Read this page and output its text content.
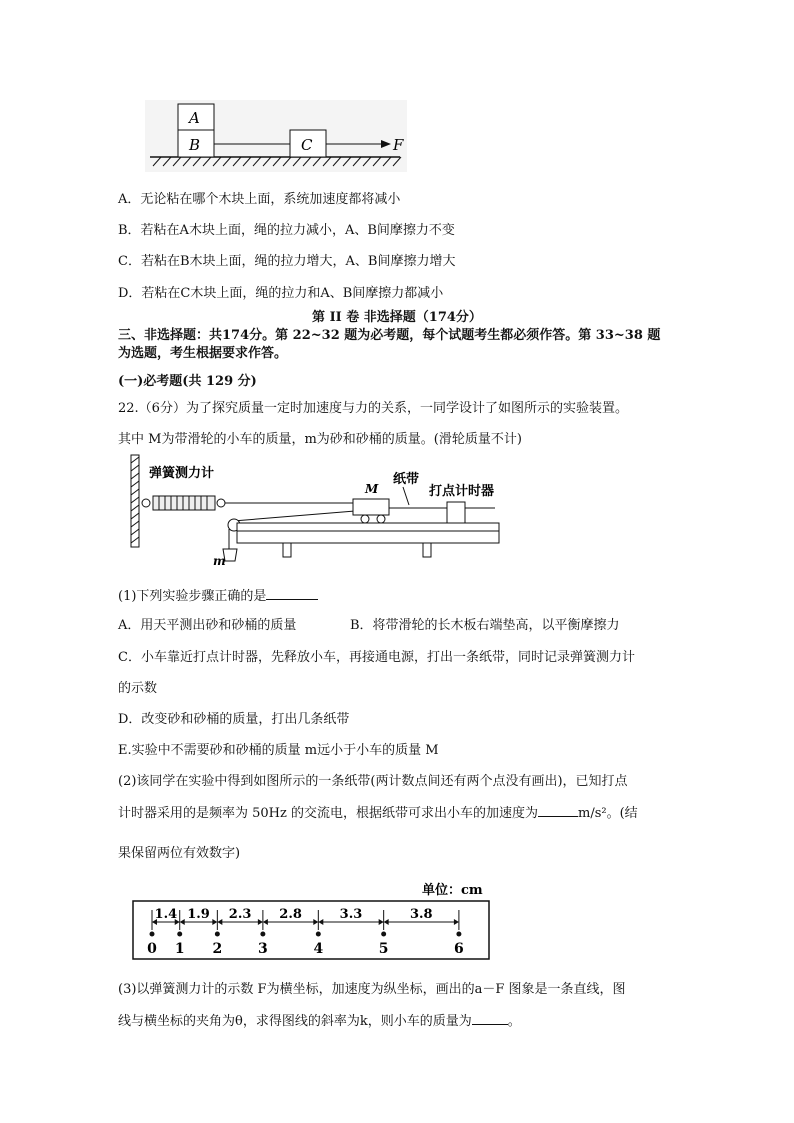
A
B	C	F
A．无论粘在哪个木块上面，系统加速度都将减小
B．若粘在A木块上面，绳的拉力减小，A、B间摩擦力不变
C．若粘在B木块上面，绳的拉力增大，A、B间摩擦力增大
D．若粘在C木块上面，绳的拉力和A、B间摩擦力都减小
第 II 卷 非选择题（174分）
三、非选择题：共174分。第 22~32 题为必考题，每个试题考生都必须作答。第 33~38 题
为选题，考生根据要求作答。
(一)必考题(共 129 分)
22.（6分）为了探究质量一定时加速度与力的关系，一同学设计了如图所示的实验装置。
其中 M为带滑轮的小车的质量，m为砂和砂桶的质量。(滑轮质量不计)
弹簧测力计
m
M
纸带
打点计时器
(1)下列实验步骤正确的是
A．用天平测出砂和砂桶的质量	B．将带滑轮的长木板右端垫高，以平衡摩擦力
C．小车靠近打点计时器，先释放小车，再接通电源，打出一条纸带，同时记录弹簧测力计
的示数
D．改变砂和砂桶的质量，打出几条纸带
E.实验中不需要砂和砂桶的质量 m远小于小车的质量 M
(2)该同学在实验中得到如图所示的一条纸带(两计数点间还有两个点没有画出)，已知打点
计时器采用的是频率为 50Hz 的交流电，根据纸带可求出小车的加速度为	m/s²。(结
果保留两位有效数字)
单位：cm
0 1 2	3	4	5	6
1.4 1.9 2.3 2.8	3.3	3.8
(3)以弹簧测力计的示数 F为横坐标，加速度为纵坐标，画出的a－F 图象是一条直线，图
线与横坐标的夹角为θ，求得图线的斜率为k，则小车的质量为	。
